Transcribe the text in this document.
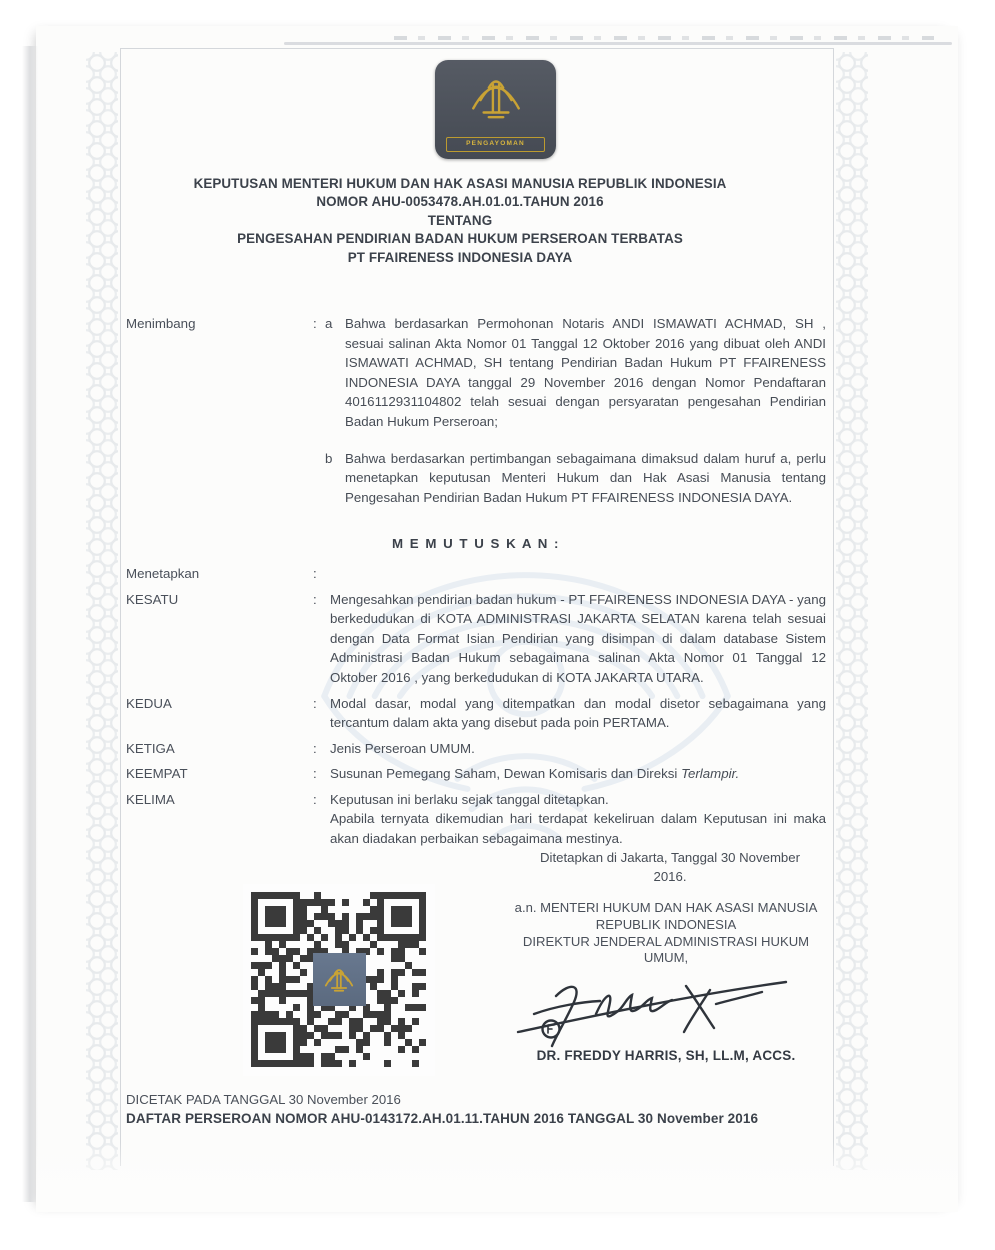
PENGAYOMAN
KEPUTUSAN MENTERI HUKUM DAN HAK ASASI MANUSIA REPUBLIK INDONESIA
NOMOR AHU-0053478.AH.01.01.TAHUN 2016
TENTANG
PENGESAHAN PENDIRIAN BADAN HUKUM PERSEROAN TERBATAS
PT FFAIRENESS INDONESIA DAYA
Menimbang	: a Bahwa berdasarkan Permohonan Notaris ANDI ISMAWATI ACHMAD, SH , sesuai salinan Akta Nomor 01 Tanggal 12 Oktober 2016 yang dibuat oleh ANDI ISMAWATI ACHMAD, SH tentang Pendirian Badan Hukum PT FFAIRENESS INDONESIA DAYA tanggal 29 November 2016 dengan Nomor Pendaftaran 4016112931104802 telah sesuai dengan persyaratan pengesahan Pendirian Badan Hukum Perseroan;
b Bahwa berdasarkan pertimbangan sebagaimana dimaksud dalam huruf a, perlu menetapkan keputusan Menteri Hukum dan Hak Asasi Manusia tentang Pengesahan Pendirian Badan Hukum PT FFAIRENESS INDONESIA DAYA.
M E M U T U S K A N :
Menetapkan	:
KESATU	: Mengesahkan pendirian badan hukum - PT FFAIRENESS INDONESIA DAYA - yang berkedudukan di KOTA ADMINISTRASI JAKARTA SELATAN karena telah sesuai dengan Data Format Isian Pendirian yang disimpan di dalam database Sistem Administrasi Badan Hukum sebagaimana salinan Akta Nomor 01 Tanggal 12 Oktober 2016 , yang berkedudukan di KOTA JAKARTA UTARA.
KEDUA	: Modal dasar, modal yang ditempatkan dan modal disetor sebagaimana yang tercantum dalam akta yang disebut pada poin PERTAMA.
KETIGA	: Jenis Perseroan UMUM.
KEEMPAT	: Susunan Pemegang Saham, Dewan Komisaris dan Direksi Terlampir.
KELIMA	: Keputusan ini berlaku sejak tanggal ditetapkan.
Apabila ternyata dikemudian hari terdapat kekeliruan dalam Keputusan ini maka akan diadakan perbaikan sebagaimana mestinya.
Ditetapkan di Jakarta, Tanggal 30 November
2016.
a.n. MENTERI HUKUM DAN HAK ASASI MANUSIA
REPUBLIK INDONESIA
DIREKTUR JENDERAL ADMINISTRASI HUKUM
UMUM,
DR. FREDDY HARRIS, SH, LL.M, ACCS.
DICETAK PADA TANGGAL 30 November 2016
DAFTAR PERSEROAN NOMOR AHU-0143172.AH.01.11.TAHUN 2016 TANGGAL 30 November 2016
